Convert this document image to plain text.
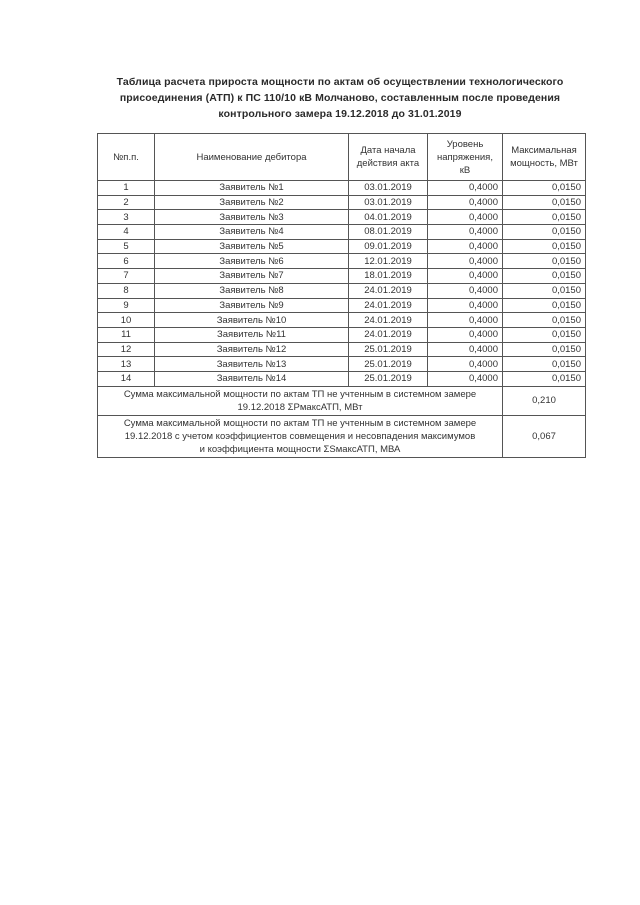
Таблица расчета прироста мощности по актам об осуществлении технологического
присоединения (АТП) к ПС 110/10 кВ Молчаново, составленным после проведения
контрольного замера 19.12.2018 до 31.01.2019
№п.п.	Наименование дебитора	Дата начала действия акта	Уровень напряжения, кВ	Максимальная мощность, МВт
1	Заявитель №1	03.01.2019	0,4000	0,0150
2	Заявитель №2	03.01.2019	0,4000	0,0150
3	Заявитель №3	04.01.2019	0,4000	0,0150
4	Заявитель №4	08.01.2019	0,4000	0,0150
5	Заявитель №5	09.01.2019	0,4000	0,0150
6	Заявитель №6	12.01.2019	0,4000	0,0150
7	Заявитель №7	18.01.2019	0,4000	0,0150
8	Заявитель №8	24.01.2019	0,4000	0,0150
9	Заявитель №9	24.01.2019	0,4000	0,0150
10	Заявитель №10	24.01.2019	0,4000	0,0150
11	Заявитель №11	24.01.2019	0,4000	0,0150
12	Заявитель №12	25.01.2019	0,4000	0,0150
13	Заявитель №13	25.01.2019	0,4000	0,0150
14	Заявитель №14	25.01.2019	0,4000	0,0150

Сумма максимальной мощности по актам ТП не учтенным в системном замере
19.12.2018 ΣРмаксАТП, МВт				0,210

Сумма максимальной мощности по актам ТП не учтенным в системном замере
19.12.2018 с учетом коэффициентов совмещения и несовпадения максимумов
и коэффициента мощности ΣSмаксАТП, МВА				0,067
